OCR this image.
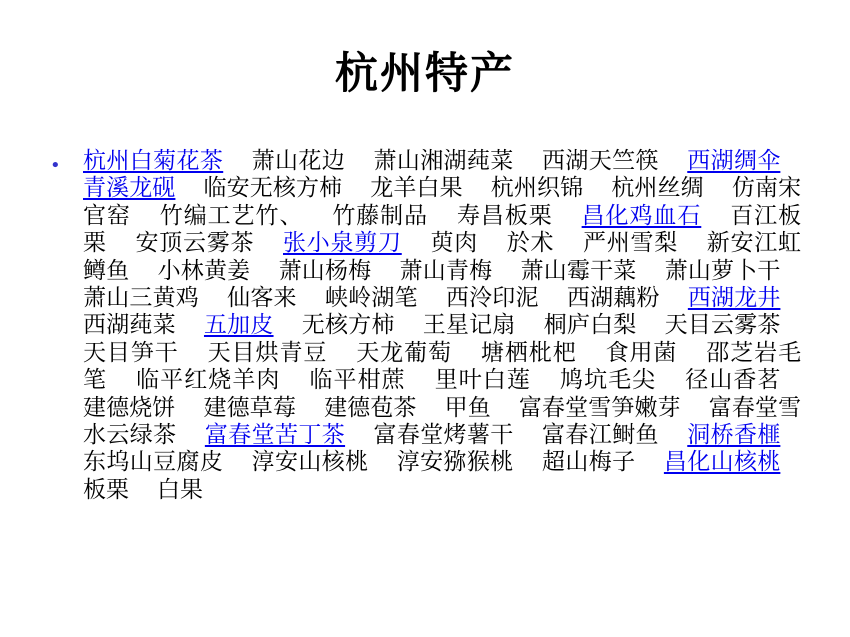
杭州特产
• 杭州白菊花茶 萧山花边 萧山湘湖莼菜 西湖天竺筷 西湖绸伞 青溪龙砚 临安无核方柿 龙羊白果 杭州织锦 杭州丝绸 仿南宋官窑 竹编工艺竹、 竹藤制品 寿昌板栗 昌化鸡血石 百江板栗 安顶云雾茶 张小泉剪刀 萸肉 於术 严州雪梨 新安江虹鳟鱼 小林黄姜 萧山杨梅 萧山青梅 萧山霉干菜 萧山萝卜干 萧山三黄鸡 仙客来 峡岭湖笔 西泠印泥 西湖藕粉 西湖龙井 西湖莼菜 五加皮 无核方柿 王星记扇 桐庐白梨 天目云雾茶 天目笋干 天目烘青豆 天龙葡萄 塘栖枇杷 食用菌 邵芝岩毛笔 临平红烧羊肉 临平柑蔗 里叶白莲 鸠坑毛尖 径山香茗 建德烧饼 建德草莓 建德苞茶 甲鱼 富春堂雪笋嫩芽 富春堂雪水云绿茶 富春堂苦丁茶 富春堂烤薯干 富春江鲥鱼 洞桥香榧 东坞山豆腐皮 淳安山核桃 淳安猕猴桃 超山梅子 昌化山核桃 板栗 白果
